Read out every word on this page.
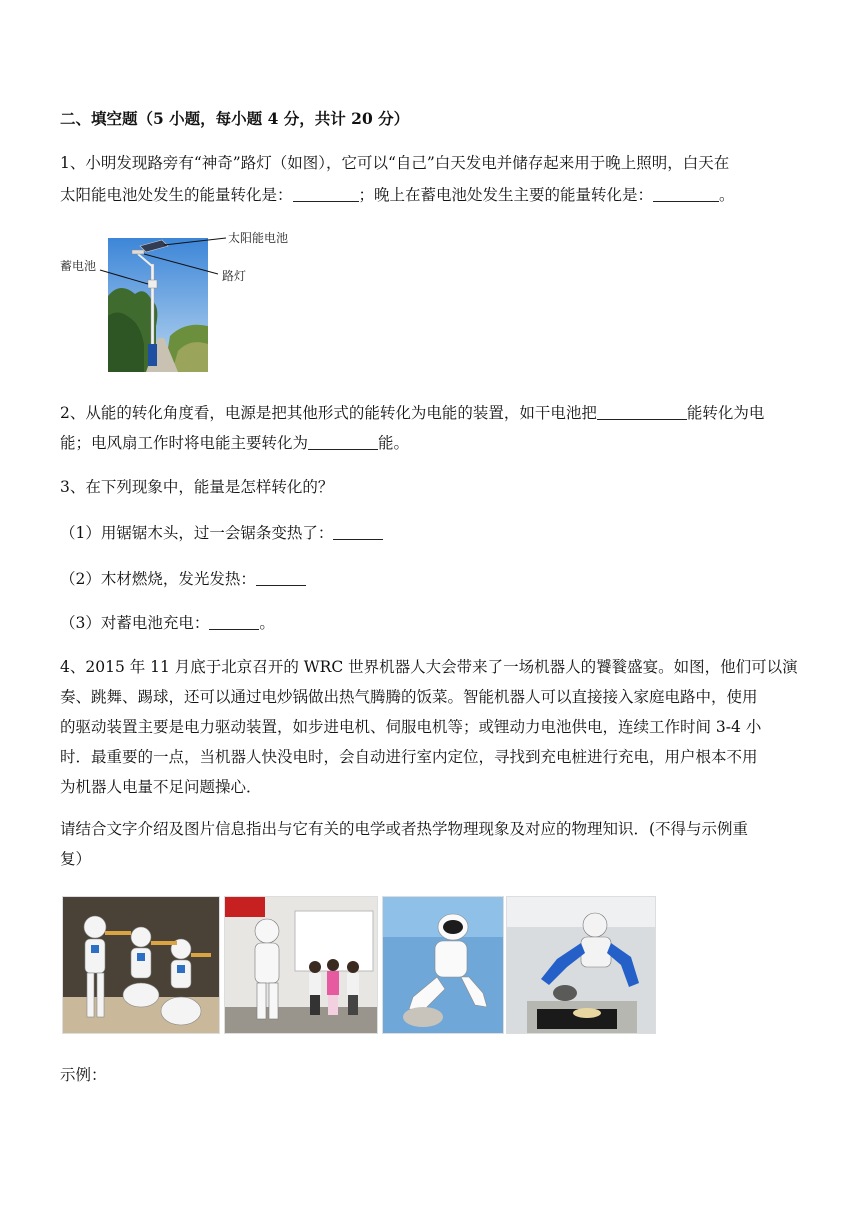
二、填空题（5 小题，每小题 4 分，共计 20 分）
1、小明发现路旁有“神奇”路灯（如图），它可以“自己”白天发电并储存起来用于晚上照明，白天在
太阳能电池处发生的能量转化是：	；晚上在蓄电池处发生主要的能量转化是：	。
太阳能电池
蓄电池
路灯
2、从能的转化角度看，电源是把其他形式的能转化为电能的装置，如干电池把	能转化为电
能；电风扇工作时将电能主要转化为	能。
3、在下列现象中，能量是怎样转化的？
（1）用锯锯木头，过一会锯条变热了：
（2）木材燃烧，发光发热：
（3）对蓄电池充电：	。
4、2015 年 11 月底于北京召开的 WRC 世界机器人大会带来了一场机器人的饕餮盛宴。如图，他们可以演
奏、跳舞、踢球，还可以通过电炒锅做出热气腾腾的饭菜。智能机器人可以直接接入家庭电路中，使用
的驱动装置主要是电力驱动装置，如步进电机、伺服电机等；或锂动力电池供电，连续工作时间 3-4 小
时．最重要的一点，当机器人快没电时，会自动进行室内定位，寻找到充电桩进行充电，用户根本不用
为机器人电量不足问题操心．
请结合文字介绍及图片信息指出与它有关的电学或者热学物理现象及对应的物理知识．(不得与示例重
复）
示例：
